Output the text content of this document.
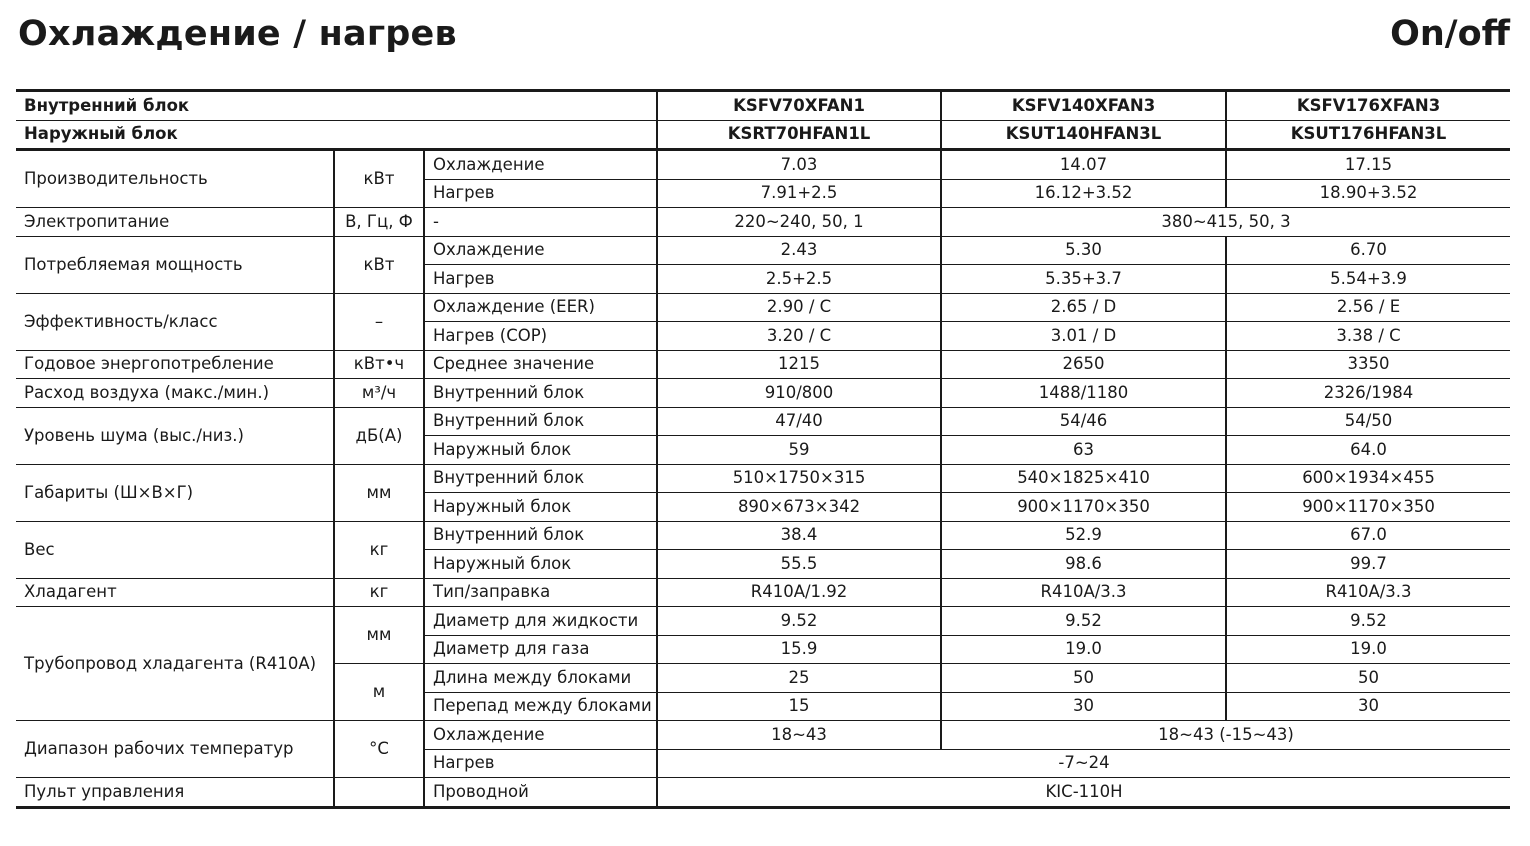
Охлаждение / нагрев	On/off
Внутренний блок			KSFV70XFAN1	KSFV140XFAN3	KSFV176XFAN3
Наружный блок			KSRT70HFAN1L	KSUT140HFAN3L	KSUT176HFAN3L
Производительность	кВт	Охлаждение	7.03	14.07	17.15
		Нагрев	7.91+2.5	16.12+3.52	18.90+3.52
Электропитание	В, Гц, Ф	-	220~240, 50, 1	380~415, 50, 3	
Потребляемая мощность	кВт	Охлаждение	2.43	5.30	6.70
		Нагрев	2.5+2.5	5.35+3.7	5.54+3.9
Эффективность/класс	–	Охлаждение (EER)	2.90 / C	2.65 / D	2.56 / E
		Нагрев (COP)	3.20 / C	3.01 / D	3.38 / C
Годовое энергопотребление	кВт•ч	Среднее значение	1215	2650	3350
Расход воздуха (макс./мин.)	м³/ч	Внутренний блок	910/800	1488/1180	2326/1984
Уровень шума (выс./низ.)	дБ(А)	Внутренний блок	47/40	54/46	54/50
		Наружный блок	59	63	64.0
Габариты (Ш×В×Г)	мм	Внутренний блок	510×1750×315	540×1825×410	600×1934×455
		Наружный блок	890×673×342	900×1170×350	900×1170×350
Вес	кг	Внутренний блок	38.4	52.9	67.0
		Наружный блок	55.5	98.6	99.7
Хладагент	кг	Тип/заправка	R410A/1.92	R410A/3.3	R410A/3.3
Трубопровод хладагента (R410A)	мм	Диаметр для жидкости	9.52	9.52	9.52
		Диаметр для газа	15.9	19.0	19.0
	м	Длина между блоками	25	50	50
		Перепад между блоками	15	30	30
Диапазон рабочих температур	°C	Охлаждение	18~43	18~43 (-15~43)	
		Нагрев	-7~24		
Пульт управления		Проводной	KIC-110H		
